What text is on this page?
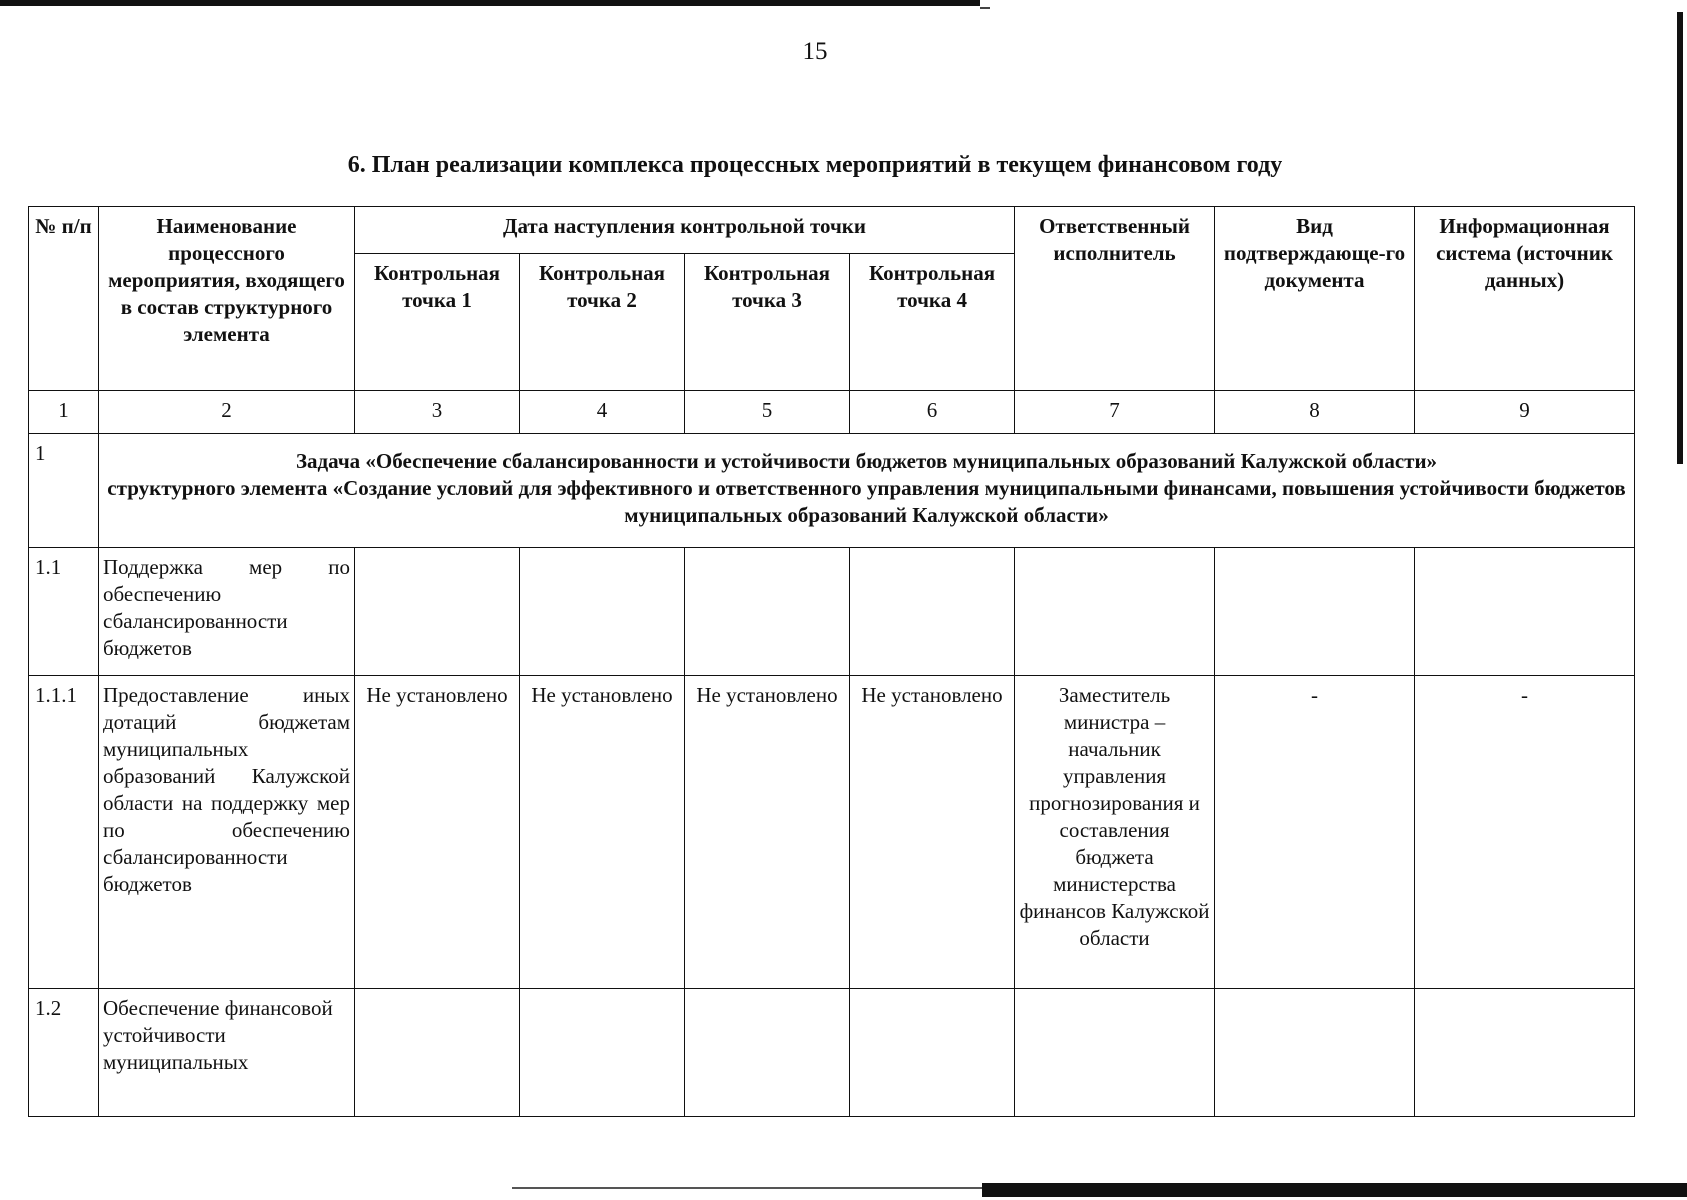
15
6. План реализации комплекса процессных мероприятий в текущем финансовом году
№ п/п	Наименование процессного мероприятия, входящего в состав структурного элемента	Дата наступления контрольной точки				Ответственный исполнитель	Вид подтверждающе-го документа	Информационная система (источник данных)
		Контрольная точка 1	Контрольная точка 2	Контрольная точка 3	Контрольная точка 4			
1	2	3	4	5	6	7	8	9
1	Задача «Обеспечение сбалансированности и устойчивости бюджетов муниципальных образований Калужской области»
структурного элемента «Создание условий для эффективного и ответственного управления муниципальными финансами, повышения устойчивости бюджетов муниципальных образований Калужской области»							

1.1	Поддержка мер по обеспечению сбалансированности бюджетов							
1.1.1	Предоставление иных дотаций бюджетам муниципальных образований Калужской области на поддержку мер по обеспечению сбалансированности бюджетов	Не установлено	Не установлено	Не установлено	Не установлено	Заместитель министра – начальник управления прогнозирования и составления бюджета министерства финансов Калужской области	-	-
1.2	Обеспечение финансовой устойчивости муниципальных							
